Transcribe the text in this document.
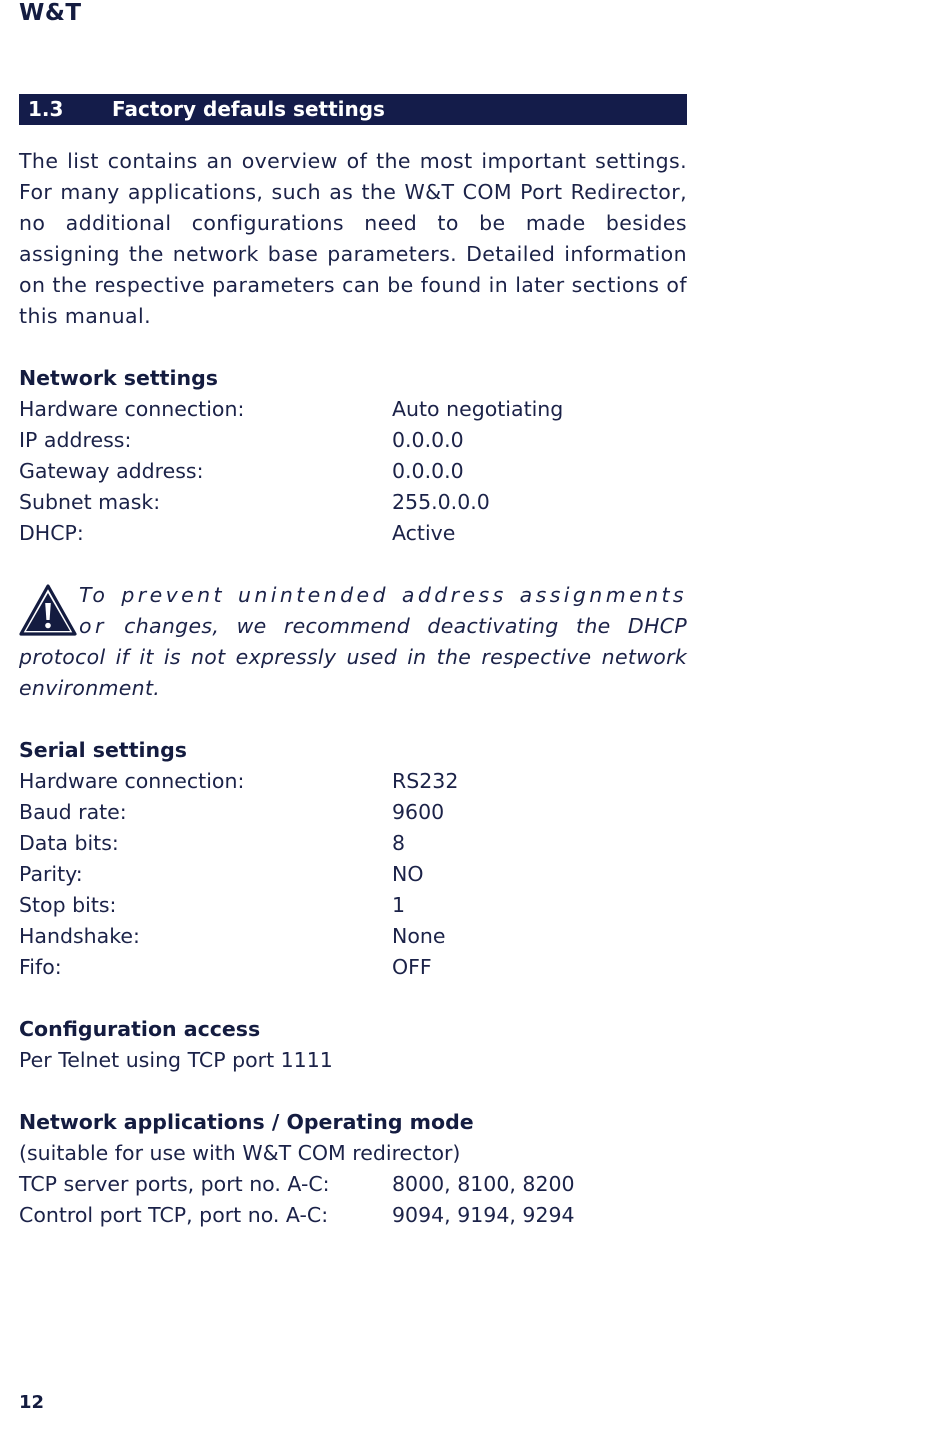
W&T
1.3 Factory defauls settings

The list contains an overview of the most important settings. For many applications, such as the W&T COM Port Redirector, no additional configurations need to be made besides assigning the network base parameters. Detailed information on the respective parameters can be found in later sections of this manual.

Network settings
Hardware connection:	Auto negotiating
IP address:	0.0.0.0
Gateway address:	0.0.0.0
Subnet mask:	255.0.0.0
DHCP:	Active
To prevent unintended address assignments or changes, we recommend deactivating the DHCP protocol if it is not expressly used in the respective network environment.
Serial settings
Hardware connection:	RS232
Baud rate:	9600
Data bits:	8
Parity:	NO
Stop bits:	1
Handshake:	None
Fifo:	OFF
Configuration access
Per Telnet using TCP port 1111
Network applications / Operating mode
(suitable for use with W&T COM redirector)
TCP server ports, port no. A-C:	8000, 8100, 8200
Control port TCP, port no. A-C:	9094, 9194, 9294
12
